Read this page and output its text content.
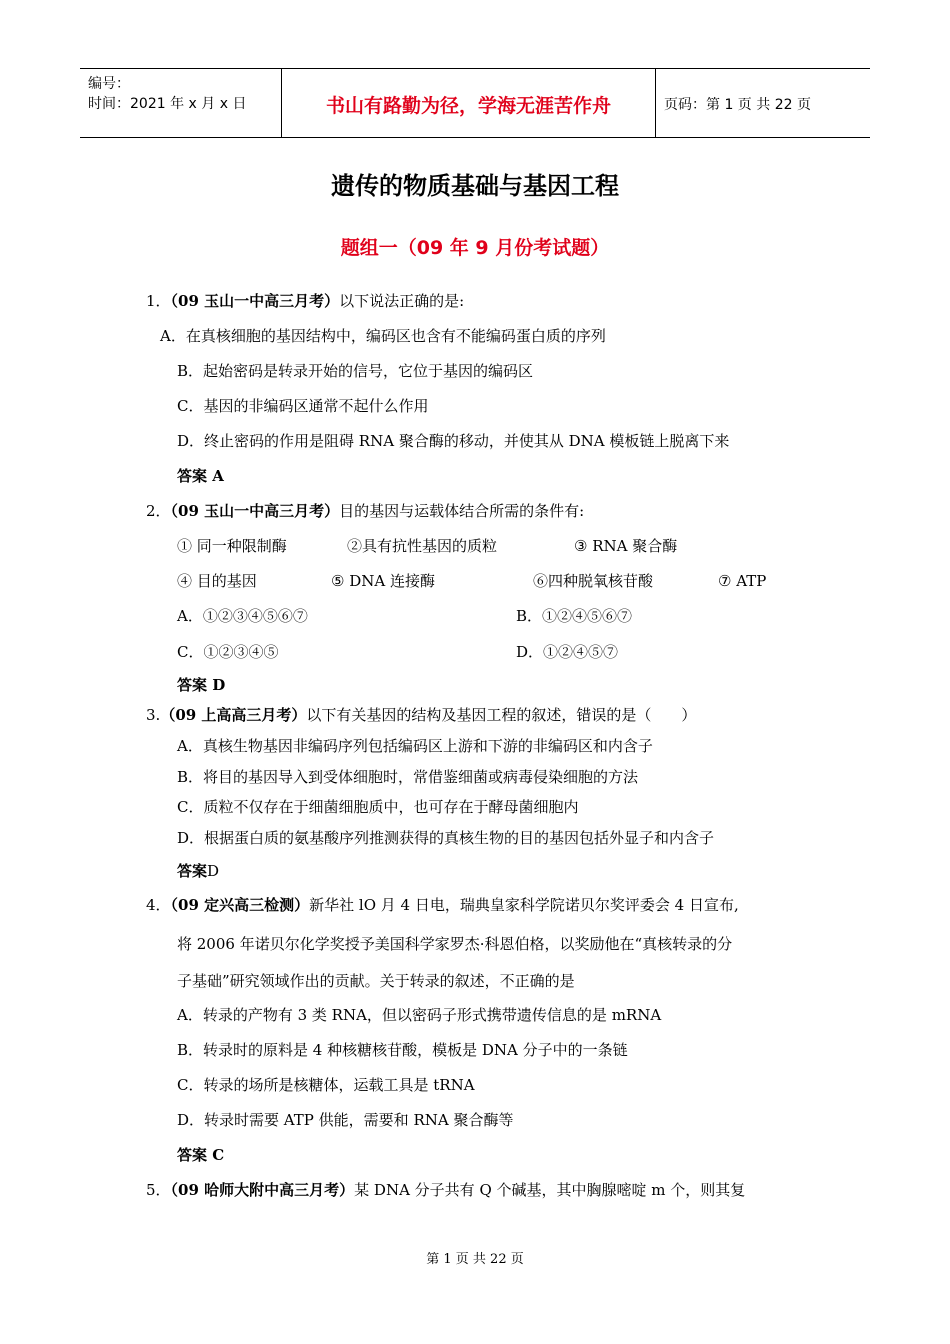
编号：
时间：2021 年 x 月 x 日	书山有路勤为径，学海无涯苦作舟	页码：第 1 页 共 22 页
遗传的物质基础与基因工程
题组一（09 年 9 月份考试题）
1．（09 玉山一中高三月考）以下说法正确的是:
A．在真核细胞的基因结构中，编码区也含有不能编码蛋白质的序列
B．起始密码是转录开始的信号，它位于基因的编码区
C．基因的非编码区通常不起什么作用
D．终止密码的作用是阻碍 RNA 聚合酶的移动，并使其从 DNA 模板链上脱离下来
答案 A
2．（09 玉山一中高三月考）目的基因与运载体结合所需的条件有:
① 同一种限制酶	②具有抗性基因的质粒	③ RNA 聚合酶
④ 目的基因	⑤ DNA 连接酶	⑥四种脱氧核苷酸	⑦ ATP
A．①②③④⑤⑥⑦	B．①②④⑤⑥⑦
C．①②③④⑤	D．①②④⑤⑦
答案 D
3.（09 上高高三月考）以下有关基因的结构及基因工程的叙述，错误的是（　　）
A．真核生物基因非编码序列包括编码区上游和下游的非编码区和内含子
B．将目的基因导入到受体细胞时，常借鉴细菌或病毒侵染细胞的方法
C．质粒不仅存在于细菌细胞质中，也可存在于酵母菌细胞内
D．根据蛋白质的氨基酸序列推测获得的真核生物的目的基因包括外显子和内含子
答案D
4．（09 定兴高三检测）新华社 lO 月 4 日电，瑞典皇家科学院诺贝尔奖评委会 4 日宣布,
将 2006 年诺贝尔化学奖授予美国科学家罗杰·科恩伯格，以奖励他在“真核转录的分
子基础”研究领域作出的贡献。关于转录的叙述，不正确的是
A．转录的产物有 3 类 RNA，但以密码子形式携带遗传信息的是 mRNA
B．转录时的原料是 4 种核糖核苷酸，模板是 DNA 分子中的一条链
C．转录的场所是核糖体，运载工具是 tRNA
D．转录时需要 ATP 供能，需要和 RNA 聚合酶等
答案 C
5．（09 哈师大附中高三月考）某 DNA 分子共有 Q 个碱基，其中胸腺嘧啶 m 个，则其复
第 1 页 共 22 页
